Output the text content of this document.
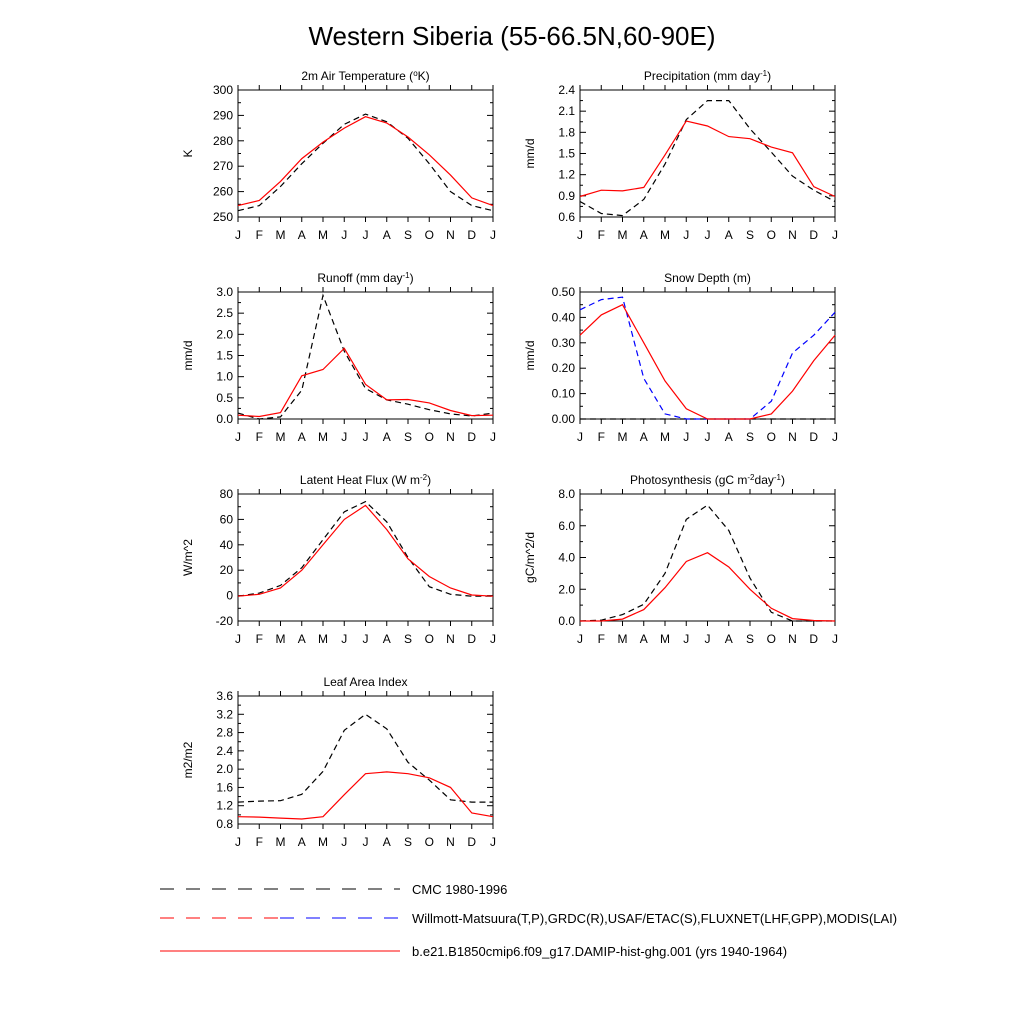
Western Siberia (55-66.5N,60-90E)
2m Air Temperature ($^o$K)
250
260
270
280
290
300
J F M A M J J A S O N D J
K
Precipitation (mm day$^{-1}$)
0.6
0.9
1.2
1.5
1.8
2.1
2.4
J F M A M J J A S O N D J
mm/d
Runoff (mm day$^{-1}$)
0.0
0.5
1.0
1.5
2.0
2.5
3.0
J F M A M J J A S O N D J
mm/d
Snow Depth (m)
0.00
0.10
0.20
0.30
0.40
0.50
J F M A M J J A S O N D J
mm/d
Latent Heat Flux (W $m^{-2}$)
-20
0
20
40
60
80
J F M A M J J A S O N D J
W/m^2
Photosynthesis (gC $m^{-2}day^{-1}$)
0.0
2.0
4.0
6.0
8.0
J F M A M J J A S O N D J
gC/m^2/d
Leaf Area Index
0.8
1.2
1.6
2.0
2.4
2.8
3.2
3.6
J F M A M J J A S O N D J
m2/m2
CMC 1980-1996
Willmott-Matsuura(T,P),GRDC(R),USAF/ETAC(S),FLUXNET(LHF,GPP),MODIS(LAI)
b.e21.B1850cmip6.f09_g17.DAMIP-hist-ghg.001 (yrs 1940-1964)
